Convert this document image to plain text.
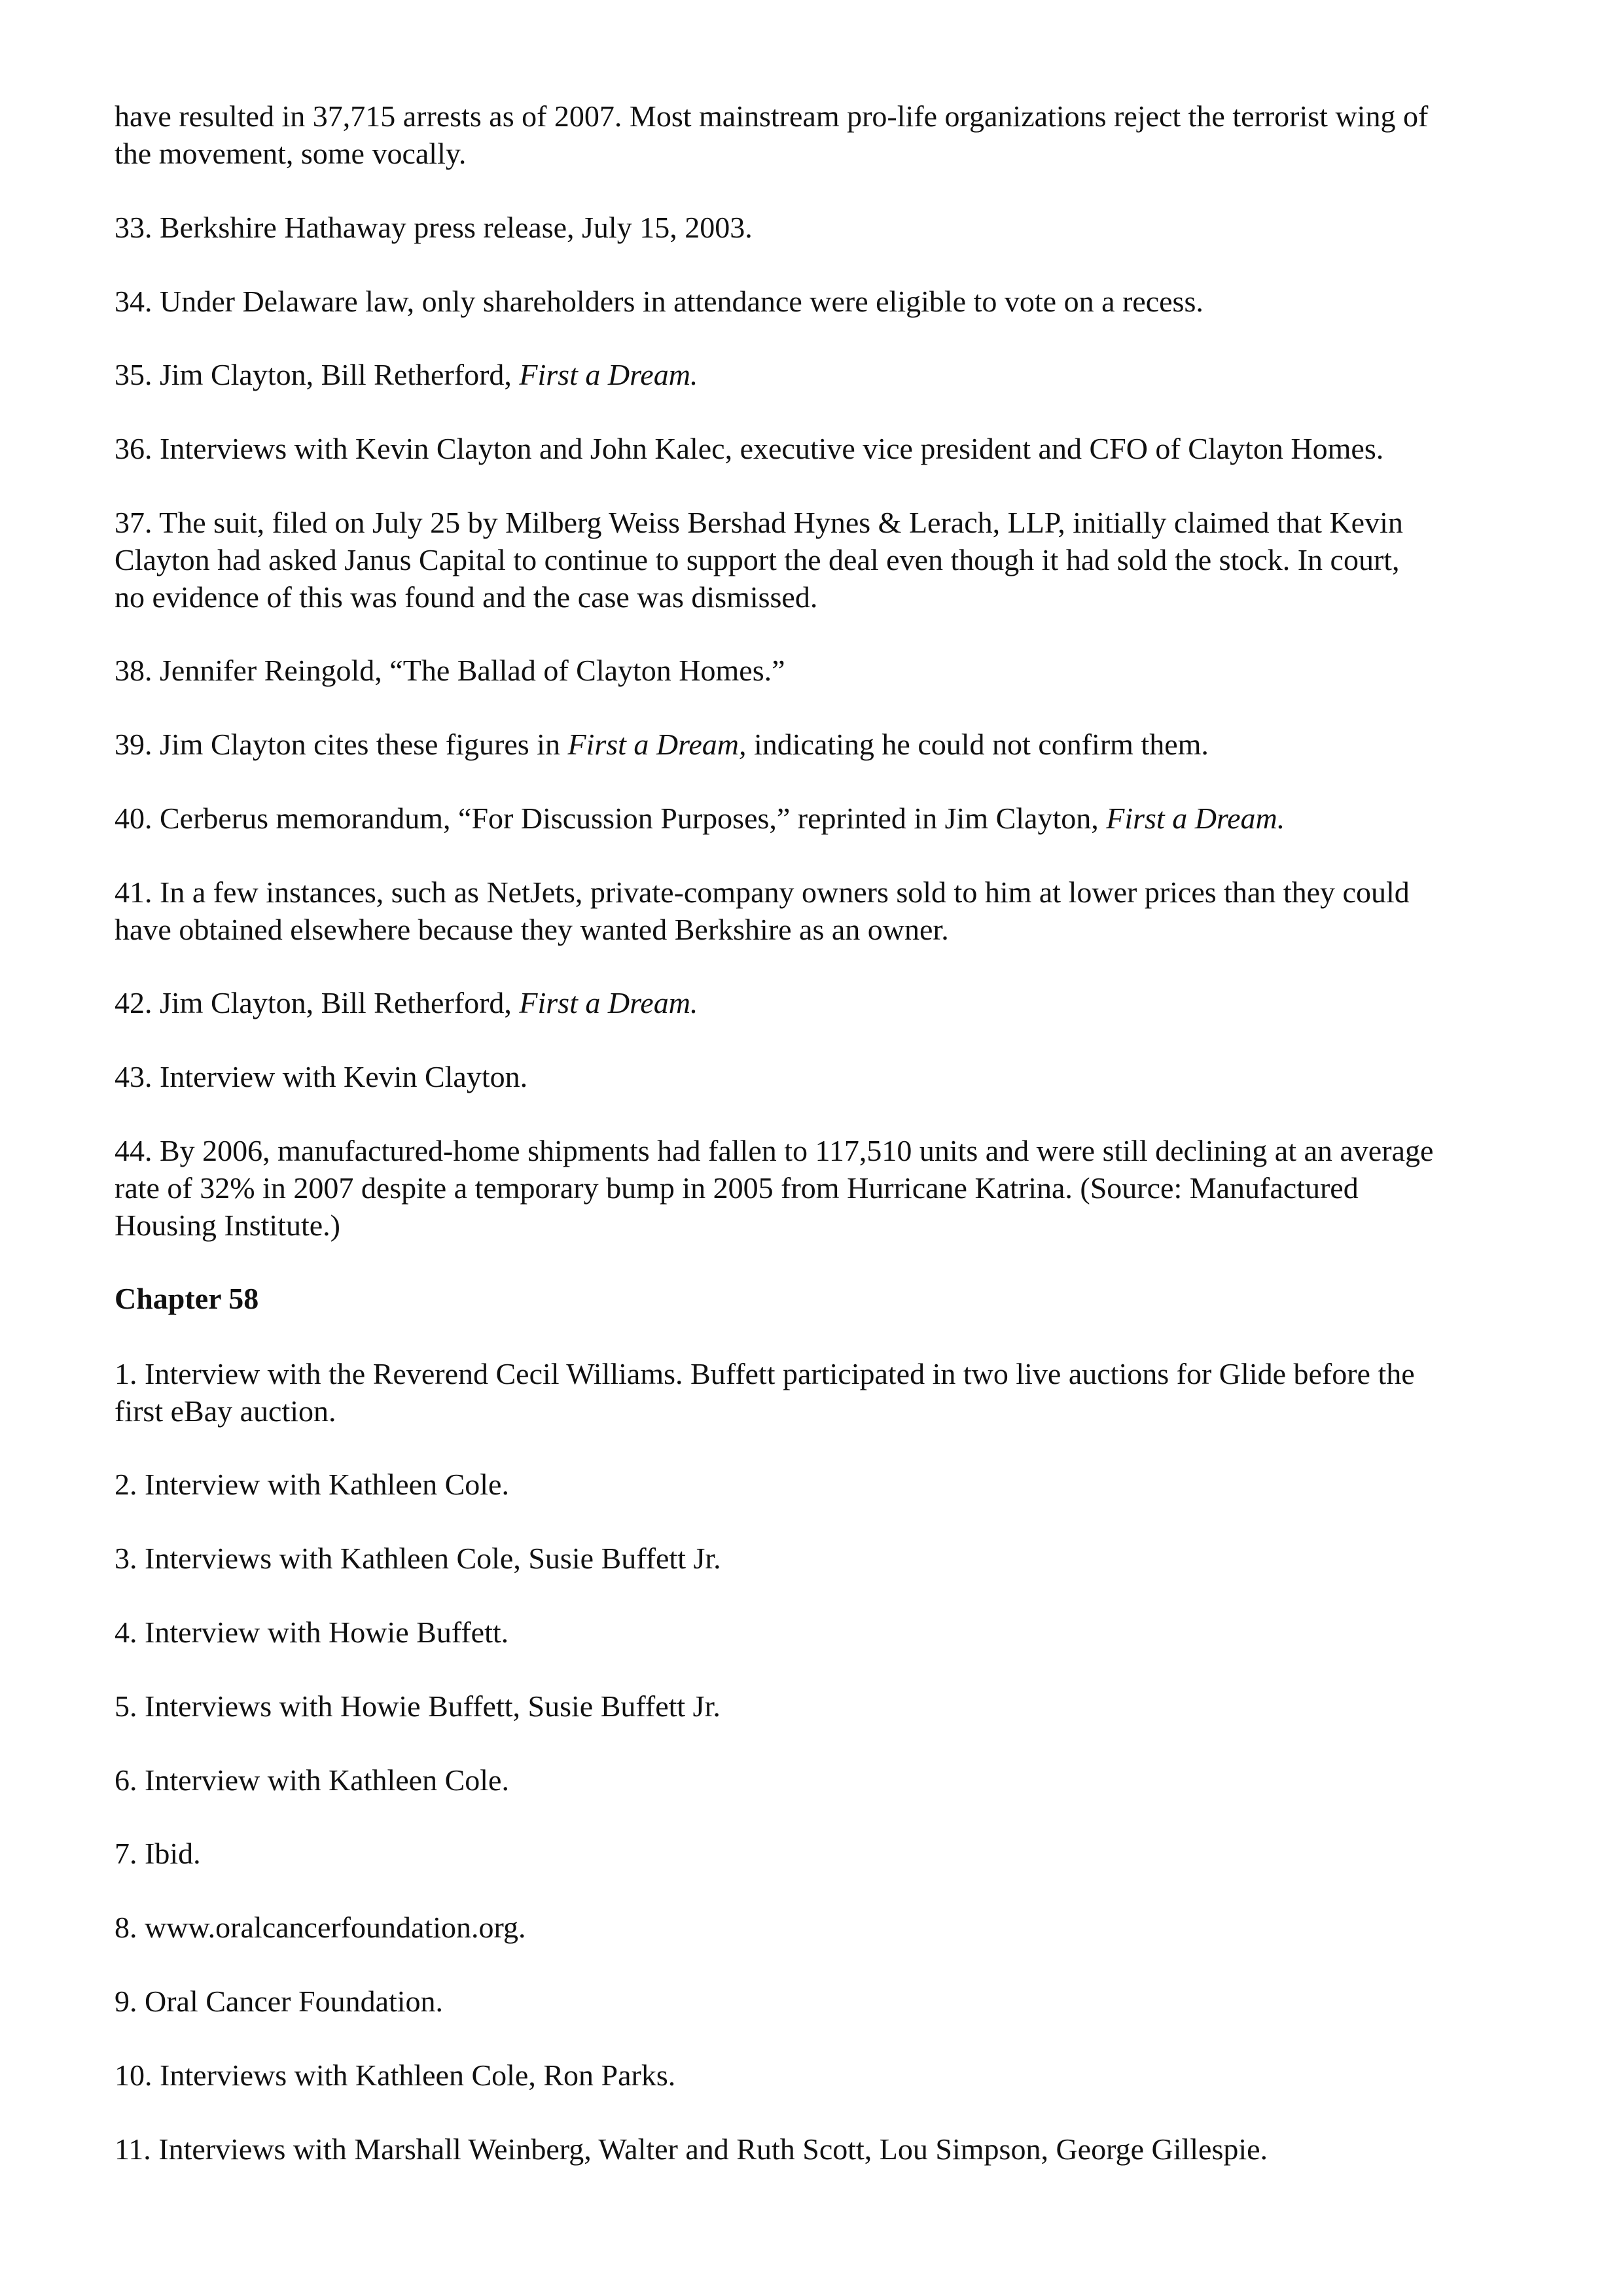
have resulted in 37,715 arrests as of 2007. Most mainstream pro-life organizations reject the terrorist wing of

the movement, some vocally.

33. Berkshire Hathaway press release, July 15, 2003.

34. Under Delaware law, only shareholders in attendance were eligible to vote on a recess.

35. Jim Clayton, Bill Retherford, First a Dream.

36. Interviews with Kevin Clayton and John Kalec, executive vice president and CFO of Clayton Homes.

37. The suit, filed on July 25 by Milberg Weiss Bershad Hynes & Lerach, LLP, initially claimed that Kevin

Clayton had asked Janus Capital to continue to support the deal even though it had sold the stock. In court,

no evidence of this was found and the case was dismissed.

38. Jennifer Reingold, “The Ballad of Clayton Homes.”

39. Jim Clayton cites these figures in First a Dream, indicating he could not confirm them.

40. Cerberus memorandum, “For Discussion Purposes,” reprinted in Jim Clayton, First a Dream.

41. In a few instances, such as NetJets, private-company owners sold to him at lower prices than they could

have obtained elsewhere because they wanted Berkshire as an owner.

42. Jim Clayton, Bill Retherford, First a Dream.

43. Interview with Kevin Clayton.

44. By 2006, manufactured-home shipments had fallen to 117,510 units and were still declining at an average

rate of 32% in 2007 despite a temporary bump in 2005 from Hurricane Katrina. (Source: Manufactured

Housing Institute.)

Chapter 58

1. Interview with the Reverend Cecil Williams. Buffett participated in two live auctions for Glide before the

first eBay auction.

2. Interview with Kathleen Cole.

3. Interviews with Kathleen Cole, Susie Buffett Jr.

4. Interview with Howie Buffett.

5. Interviews with Howie Buffett, Susie Buffett Jr.

6. Interview with Kathleen Cole.

7. Ibid.

8. www.oralcancerfoundation.org.

9. Oral Cancer Foundation.

10. Interviews with Kathleen Cole, Ron Parks.

11. Interviews with Marshall Weinberg, Walter and Ruth Scott, Lou Simpson, George Gillespie.
